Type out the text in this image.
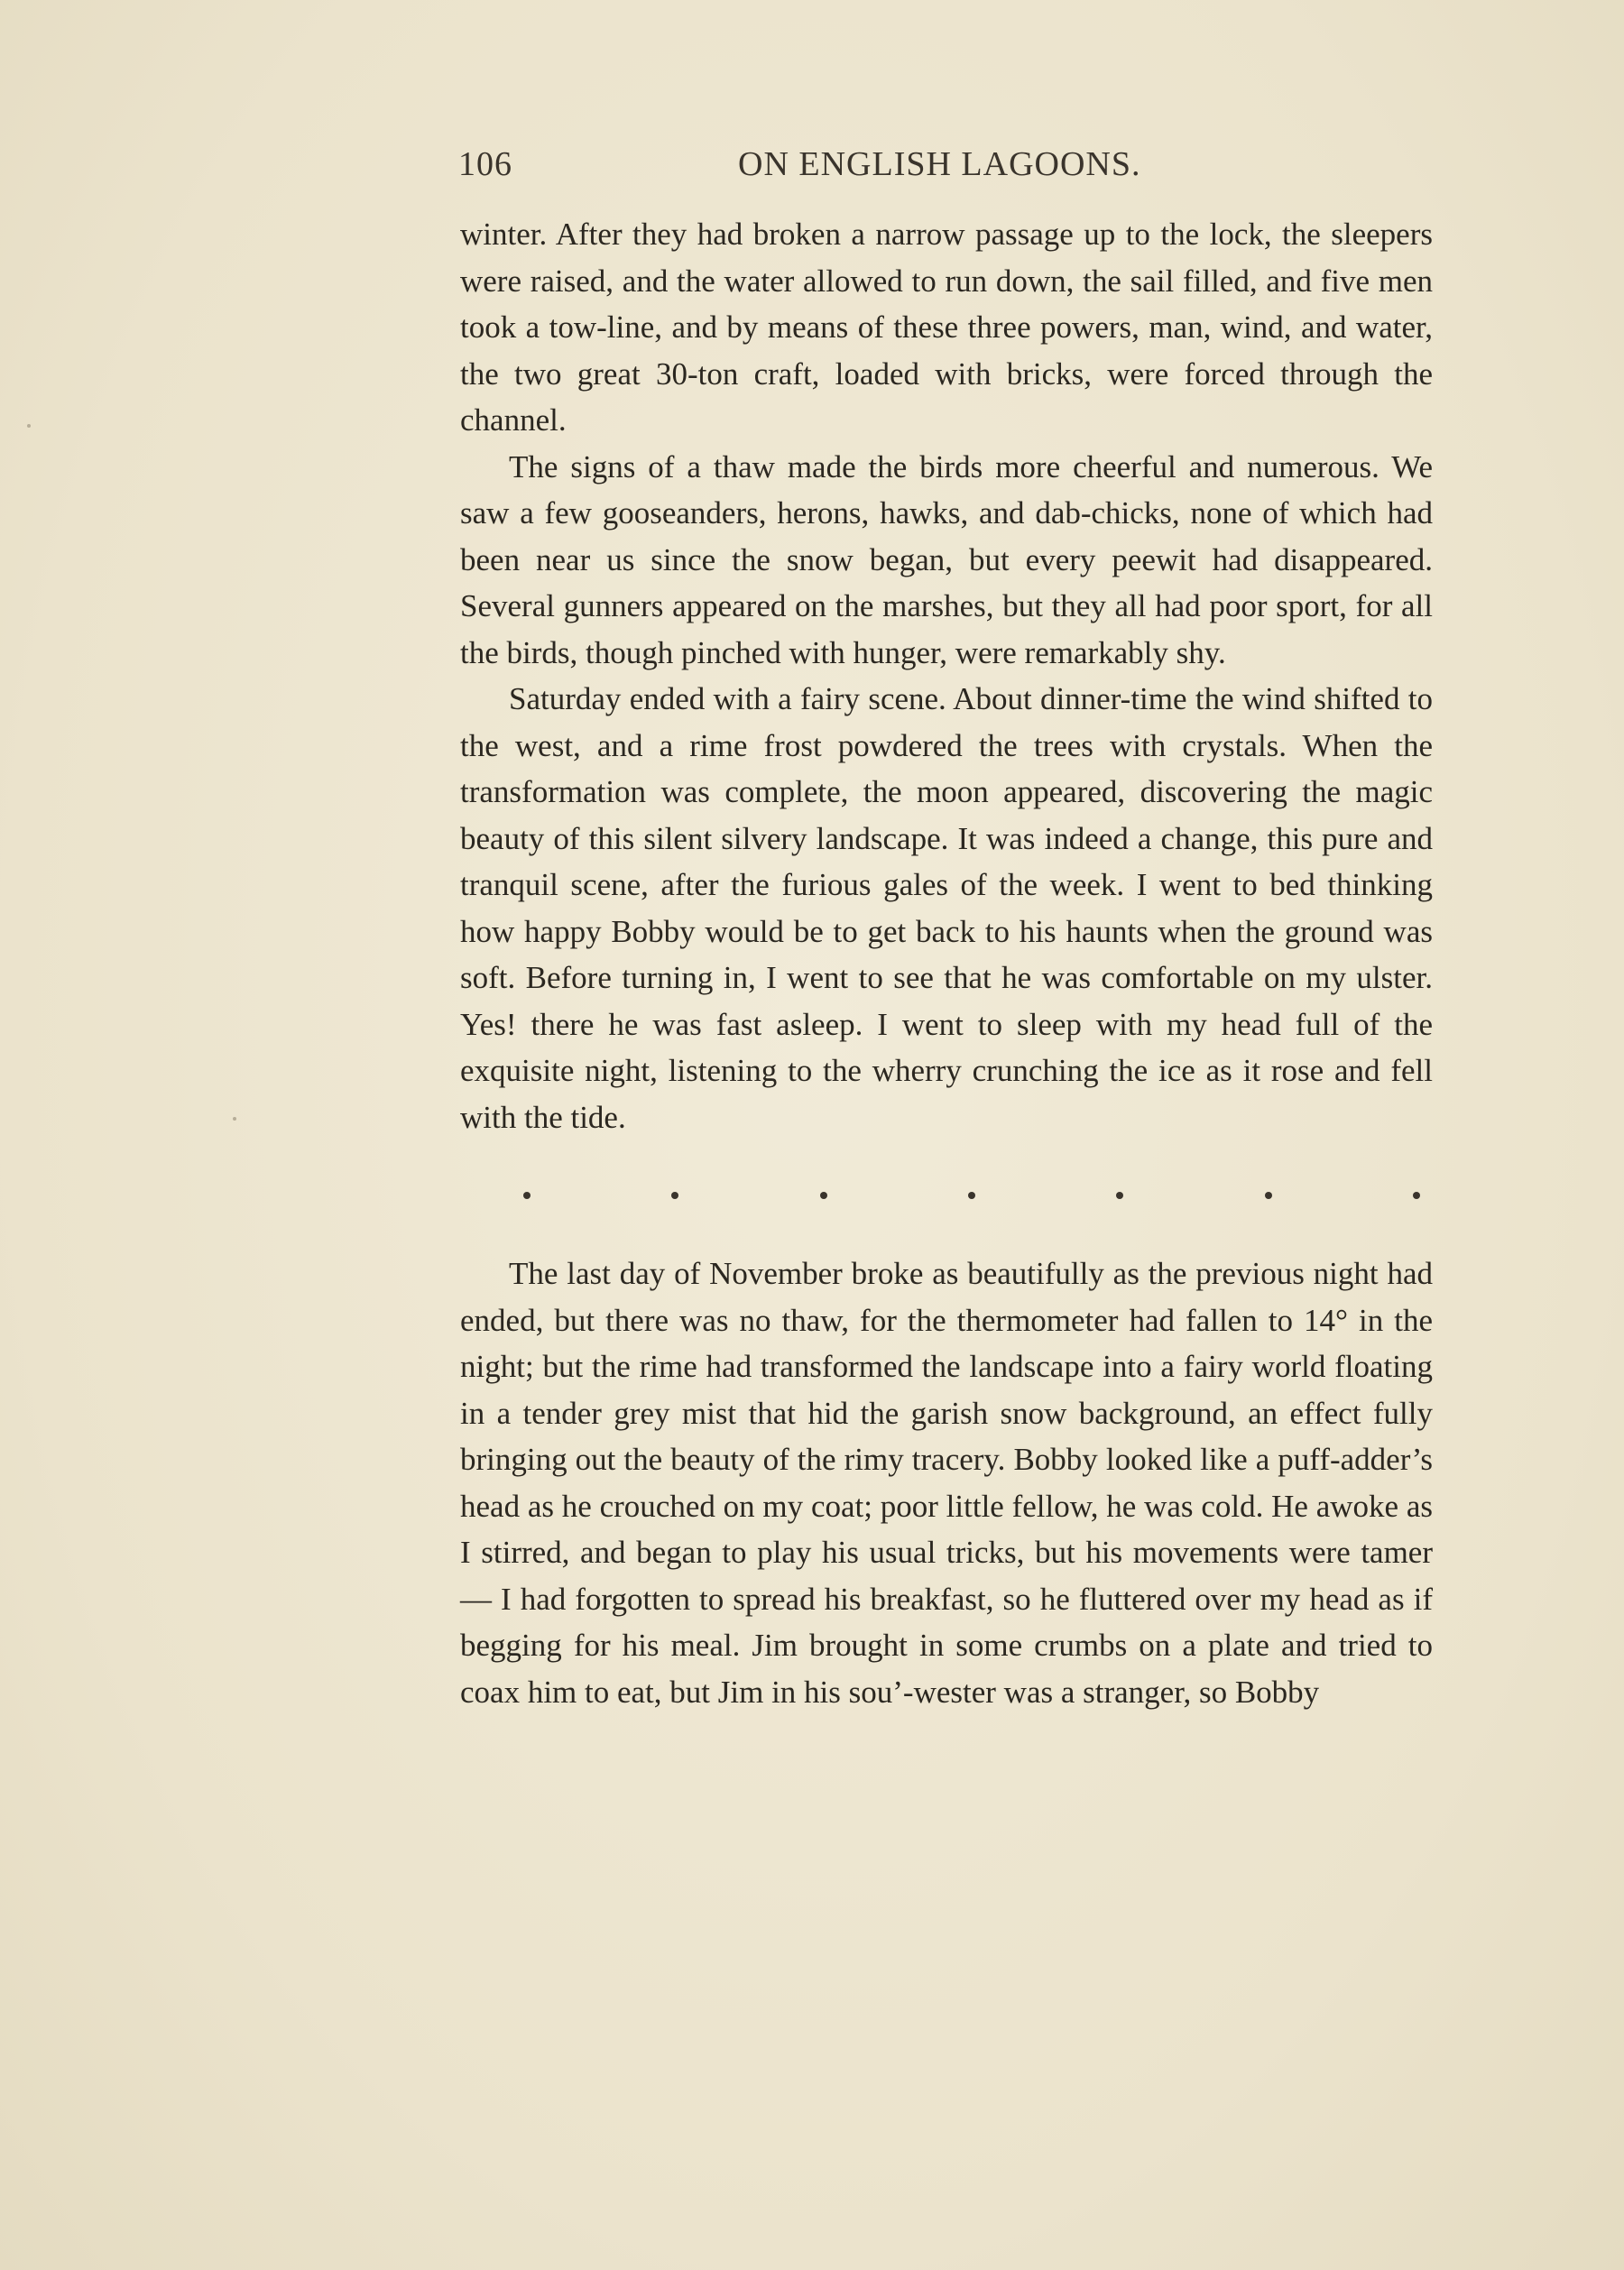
106	ON ENGLISH LAGOONS.

winter. After they had broken a narrow passage up to the lock, the sleepers were raised, and the water allowed to run down, the sail filled, and five men took a tow-line, and by means of these three powers, man, wind, and water, the two great 30-ton craft, loaded with bricks, were forced through the channel.

The signs of a thaw made the birds more cheerful and numerous. We saw a few gooseanders, herons, hawks, and dab-chicks, none of which had been near us since the snow began, but every peewit had disappeared. Several gunners appeared on the marshes, but they all had poor sport, for all the birds, though pinched with hunger, were remarkably shy.

Saturday ended with a fairy scene. About dinner-time the wind shifted to the west, and a rime frost powdered the trees with crystals. When the transformation was complete, the moon appeared, discovering the magic beauty of this silent silvery landscape. It was indeed a change, this pure and tranquil scene, after the furious gales of the week. I went to bed thinking how happy Bobby would be to get back to his haunts when the ground was soft. Before turning in, I went to see that he was comfortable on my ulster. Yes! there he was fast asleep. I went to sleep with my head full of the exquisite night, listening to the wherry crunching the ice as it rose and fell with the tide.

The last day of November broke as beautifully as the previous night had ended, but there was no thaw, for the thermometer had fallen to 14° in the night; but the rime had transformed the landscape into a fairy world floating in a tender grey mist that hid the garish snow background, an effect fully bringing out the beauty of the rimy tracery. Bobby looked like a puff-adder’s head as he crouched on my coat; poor little fellow, he was cold. He awoke as I stirred, and began to play his usual tricks, but his movements were tamer — I had forgotten to spread his breakfast, so he fluttered over my head as if begging for his meal. Jim brought in some crumbs on a plate and tried to coax him to eat, but Jim in his sou’-wester was a stranger, so Bobby
